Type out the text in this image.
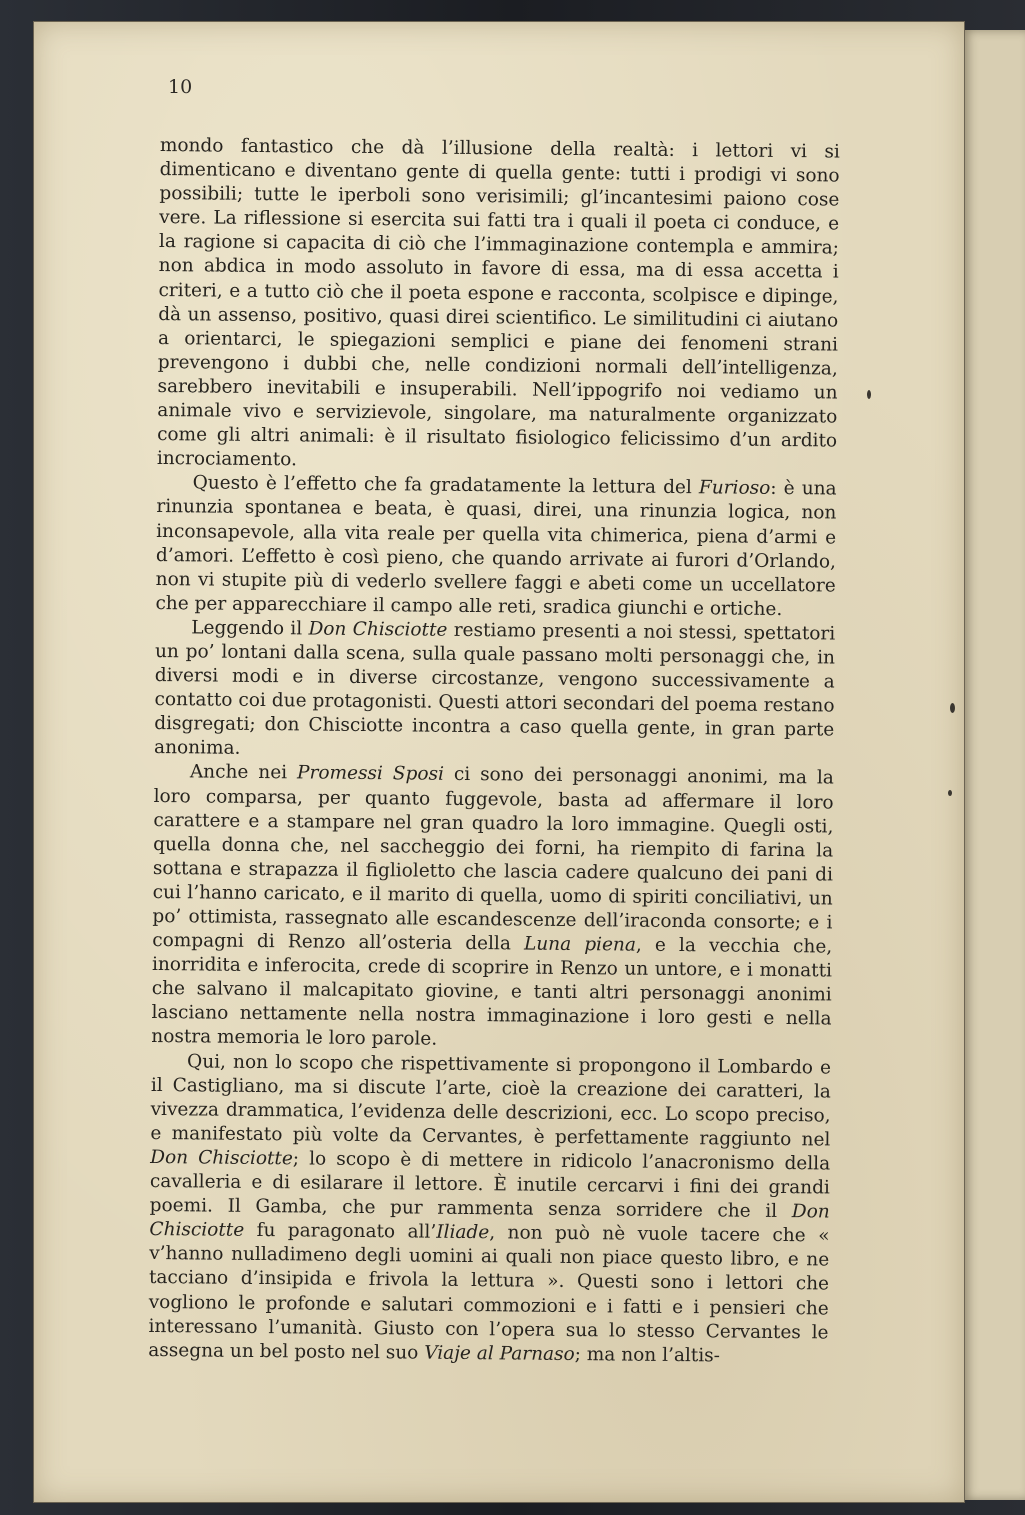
10

mondo fantastico che dà l’illusione della realtà: i lettori vi si dimenticano e diventano gente di quella gente: tutti i prodigi vi sono possibili; tutte le iperboli sono verisimili; gl’incantesimi paiono cose vere. La riflessione si esercita sui fatti tra i quali il poeta ci conduce, e la ragione si capacita di ciò che l’immaginazione contempla e ammira; non abdica in modo assoluto in favore di essa, ma di essa accetta i criteri, e a tutto ciò che il poeta espone e racconta, scolpisce e dipinge, dà un assenso, positivo, quasi direi scientifico. Le similitudini ci aiutano a orientarci, le spiegazioni semplici e piane dei fenomeni strani prevengono i dubbi che, nelle condizioni normali dell’intelligenza, sarebbero inevitabili e insuperabili. Nell’ippogrifo noi vediamo un animale vivo e servizievole, singolare, ma naturalmente organizzato come gli altri animali: è il risultato fisiologico felicissimo d’un ardito incrociamento.

Questo è l’effetto che fa gradatamente la lettura del Furioso: è una rinunzia spontanea e beata, è quasi, direi, una rinunzia logica, non inconsapevole, alla vita reale per quella vita chimerica, piena d’armi e d’amori. L’effetto è così pieno, che quando arrivate ai furori d’Orlando, non vi stupite più di vederlo svellere faggi e abeti come un uccellatore che per apparecchiare il campo alle reti, sradica giunchi e ortiche.

Leggendo il Don Chisciotte restiamo presenti a noi stessi, spettatori un po’ lontani dalla scena, sulla quale passano molti personaggi che, in diversi modi e in diverse circostanze, vengono successivamente a contatto coi due protagonisti. Questi attori secondari del poema restano disgregati; don Chisciotte incontra a caso quella gente, in gran parte anonima.

Anche nei Promessi Sposi ci sono dei personaggi anonimi, ma la loro comparsa, per quanto fuggevole, basta ad affermare il loro carattere e a stampare nel gran quadro la loro immagine. Quegli osti, quella donna che, nel saccheggio dei forni, ha riempito di farina la sottana e strapazza il figlioletto che lascia cadere qualcuno dei pani di cui l’hanno caricato, e il marito di quella, uomo di spiriti conciliativi, un po’ ottimista, rassegnato alle escandescenze dell’iraconda consorte; e i compagni di Renzo all’osteria della Luna piena, e la vecchia che, inorridita e inferocita, crede di scoprire in Renzo un untore, e i monatti che salvano il malcapitato giovine, e tanti altri personaggi anonimi lasciano nettamente nella nostra immaginazione i loro gesti e nella nostra memoria le loro parole.

Qui, non lo scopo che rispettivamente si propongono il Lombardo e il Castigliano, ma si discute l’arte, cioè la creazione dei caratteri, la vivezza drammatica, l’evidenza delle descrizioni, ecc. Lo scopo preciso, e manifestato più volte da Cervantes, è perfettamente raggiunto nel Don Chisciotte; lo scopo è di mettere in ridicolo l’anacronismo della cavalleria e di esilarare il lettore. È inutile cercarvi i fini dei grandi poemi. Il Gamba, che pur rammenta senza sorridere che il Don Chisciotte fu paragonato all’Iliade, non può nè vuole tacere che « v’hanno nulladimeno degli uomini ai quali non piace questo libro, e ne tacciano d’insipida e frivola la lettura ». Questi sono i lettori che vogliono le profonde e salutari commozioni e i fatti e i pensieri che interessano l’umanità. Giusto con l’opera sua lo stesso Cervantes le assegna un bel posto nel suo Viaje al Parnaso; ma non l’altis-
